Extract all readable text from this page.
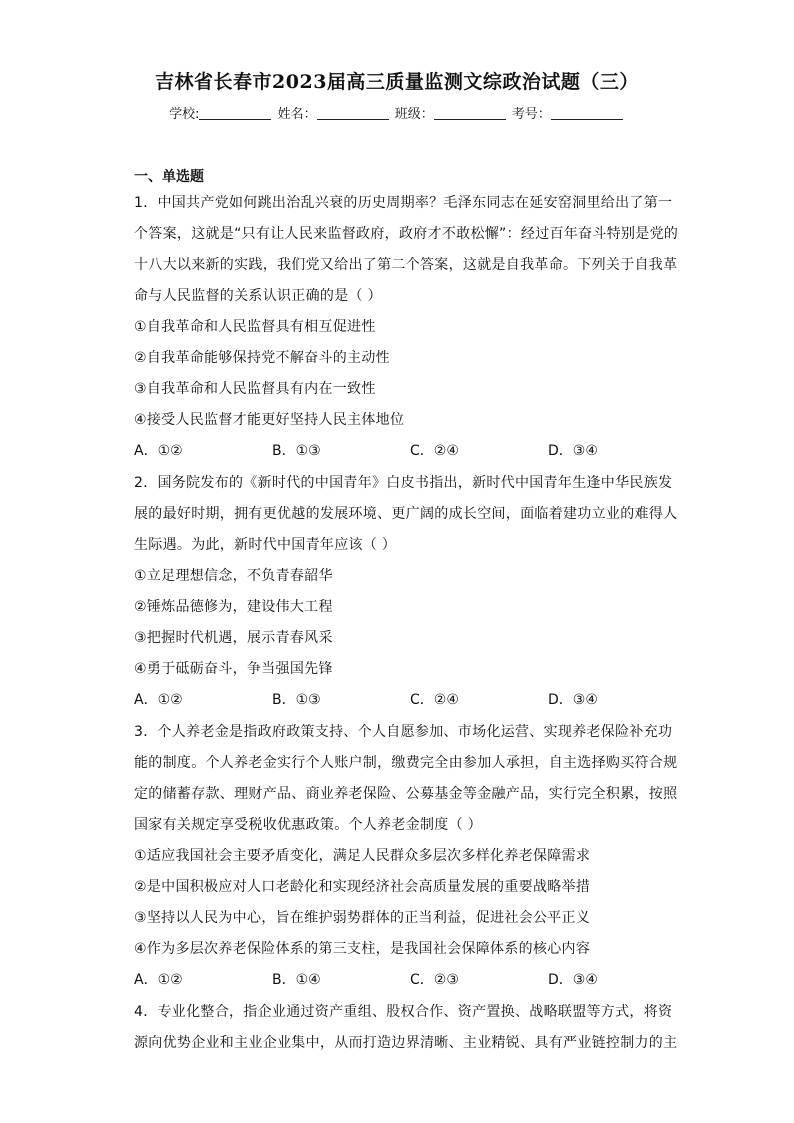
吉林省长春市2023届高三质量监测文综政治试题（三）
学校:	姓名：	班级：	考号：
一、单选题
1．中国共产党如何跳出治乱兴衰的历史周期率？毛泽东同志在延安窑洞里给出了第一
个答案，这就是“只有让人民来监督政府，政府才不敢松懈”：经过百年奋斗特别是党的
十八大以来新的实践，我们党又给出了第二个答案，这就是自我革命。下列关于自我革
命与人民监督的关系认识正确的是（ ）
①自我革命和人民监督具有相互促进性
②自我革命能够保持党不解奋斗的主动性
③自我革命和人民监督具有内在一致性
④接受人民监督才能更好坚持人民主体地位
A．①②	B．①③	C．②④	D．③④
2．国务院发布的《新时代的中国青年》白皮书指出，新时代中国青年生逢中华民族发
展的最好时期，拥有更优越的发展环境、更广阔的成长空间，面临着建功立业的难得人
生际遇。为此，新时代中国青年应该（ ）
①立足理想信念，不负青春韶华
②锤炼品德修为，建设伟大工程
③把握时代机遇，展示青春风采
④勇于砥砺奋斗，争当强国先锋
A．①②	B．①③	C．②④	D．③④
3．个人养老金是指政府政策支持、个人自愿参加、市场化运营、实现养老保险补充功
能的制度。个人养老金实行个人账户制，缴费完全由参加人承担，自主选择购买符合规
定的储蓄存款、理财产品、商业养老保险、公募基金等金融产品，实行完全积累，按照
国家有关规定享受税收优惠政策。个人养老金制度（ ）
①适应我国社会主要矛盾变化，满足人民群众多层次多样化养老保障需求
②是中国积极应对人口老龄化和实现经济社会高质量发展的重要战略举措
③坚持以人民为中心，旨在维护弱势群体的正当利益，促进社会公平正义
④作为多层次养老保险体系的第三支柱，是我国社会保障体系的核心内容
A．①②	B．①④	C．②③	D．③④
4．专业化整合，指企业通过资产重组、股权合作、资产置换、战略联盟等方式，将资
源向优势企业和主业企业集中，从而打造边界清晰、主业精锐、具有严业链控制力的主
